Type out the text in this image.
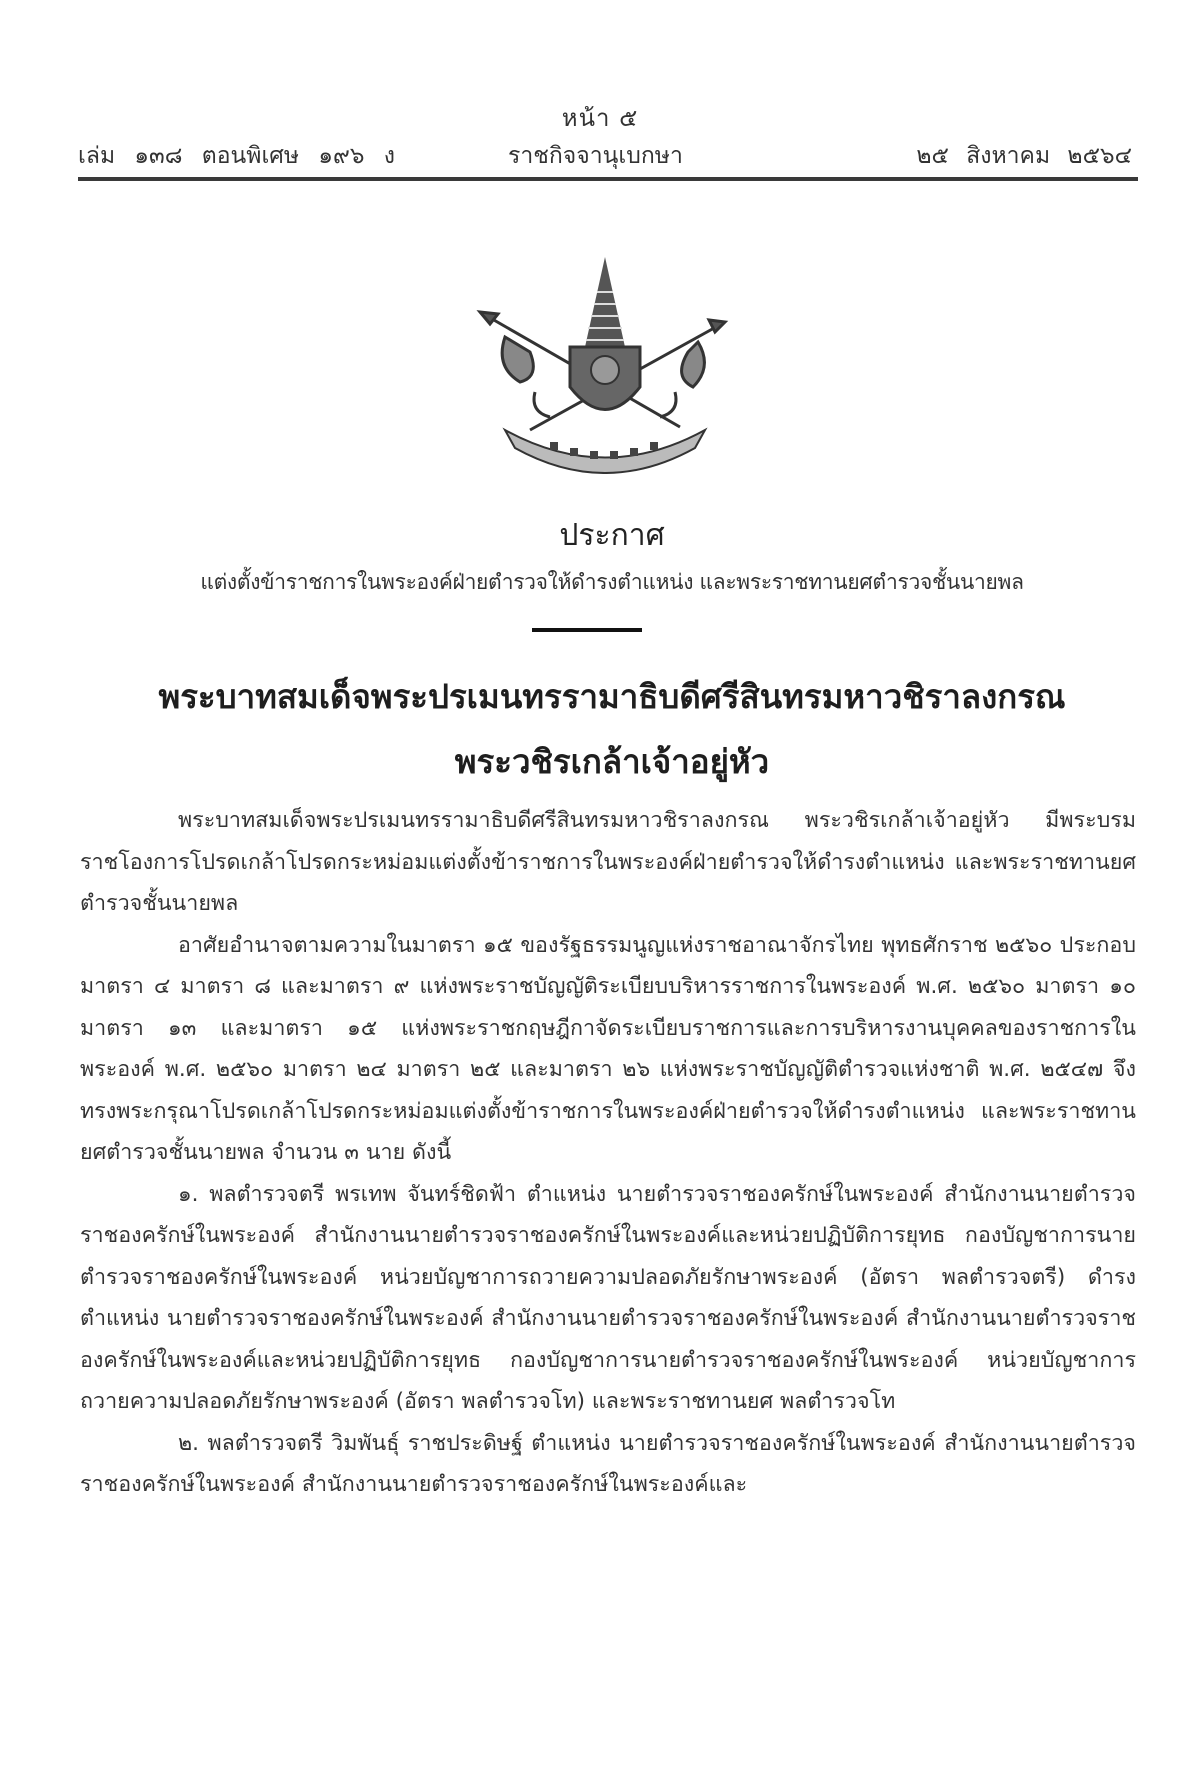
หน้า ๕
เล่ม ๑๓๘ ตอนพิเศษ ๑๙๖ ง	ราชกิจจานุเบกษา	๒๕ สิงหาคม ๒๕๖๔
ประกาศ
แต่งตั้งข้าราชการในพระองค์ฝ่ายตำรวจให้ดำรงตำแหน่ง และพระราชทานยศตำรวจชั้นนายพล
พระบาทสมเด็จพระปรเมนทรรามาธิบดีศรีสินทรมหาวชิราลงกรณ
พระวชิรเกล้าเจ้าอยู่หัว

พระบาทสมเด็จพระปรเมนทรรามาธิบดีศรีสินทรมหาวชิราลงกรณ พระวชิรเกล้าเจ้าอยู่หัว มีพระบรมราชโองการโปรดเกล้าโปรดกระหม่อมแต่งตั้งข้าราชการในพระองค์ฝ่ายตำรวจให้ดำรงตำแหน่ง และพระราชทานยศตำรวจชั้นนายพล

อาศัยอำนาจตามความในมาตรา ๑๕ ของรัฐธรรมนูญแห่งราชอาณาจักรไทย พุทธศักราช ๒๕๖๐ ประกอบมาตรา ๔ มาตรา ๘ และมาตรา ๙ แห่งพระราชบัญญัติระเบียบบริหารราชการในพระองค์ พ.ศ. ๒๕๖๐ มาตรา ๑๐ มาตรา ๑๓ และมาตรา ๑๕ แห่งพระราชกฤษฎีกาจัดระเบียบราชการและการบริหารงานบุคคลของราชการในพระองค์ พ.ศ. ๒๕๖๐ มาตรา ๒๔ มาตรา ๒๕ และมาตรา ๒๖ แห่งพระราชบัญญัติตำรวจแห่งชาติ พ.ศ. ๒๕๔๗ จึงทรงพระกรุณาโปรดเกล้าโปรดกระหม่อมแต่งตั้งข้าราชการในพระองค์ฝ่ายตำรวจให้ดำรงตำแหน่ง และพระราชทานยศตำรวจชั้นนายพล จำนวน ๓ นาย ดังนี้

๑. พลตำรวจตรี พรเทพ จันทร์ชิดฟ้า ตำแหน่ง นายตำรวจราชองครักษ์ในพระองค์ สำนักงานนายตำรวจราชองครักษ์ในพระองค์ สำนักงานนายตำรวจราชองครักษ์ในพระองค์และหน่วยปฏิบัติการยุทธ กองบัญชาการนายตำรวจราชองครักษ์ในพระองค์ หน่วยบัญชาการถวายความปลอดภัยรักษาพระองค์ (อัตรา พลตำรวจตรี) ดำรงตำแหน่ง นายตำรวจราชองครักษ์ในพระองค์ สำนักงานนายตำรวจราชองครักษ์ในพระองค์ สำนักงานนายตำรวจราชองครักษ์ในพระองค์และหน่วยปฏิบัติการยุทธ กองบัญชาการนายตำรวจราชองครักษ์ในพระองค์ หน่วยบัญชาการถวายความปลอดภัยรักษาพระองค์ (อัตรา พลตำรวจโท) และพระราชทานยศ พลตำรวจโท

๒. พลตำรวจตรี วิมพันธุ์ ราชประดิษฐ์ ตำแหน่ง นายตำรวจราชองครักษ์ในพระองค์ สำนักงานนายตำรวจราชองครักษ์ในพระองค์ สำนักงานนายตำรวจราชองครักษ์ในพระองค์และ
